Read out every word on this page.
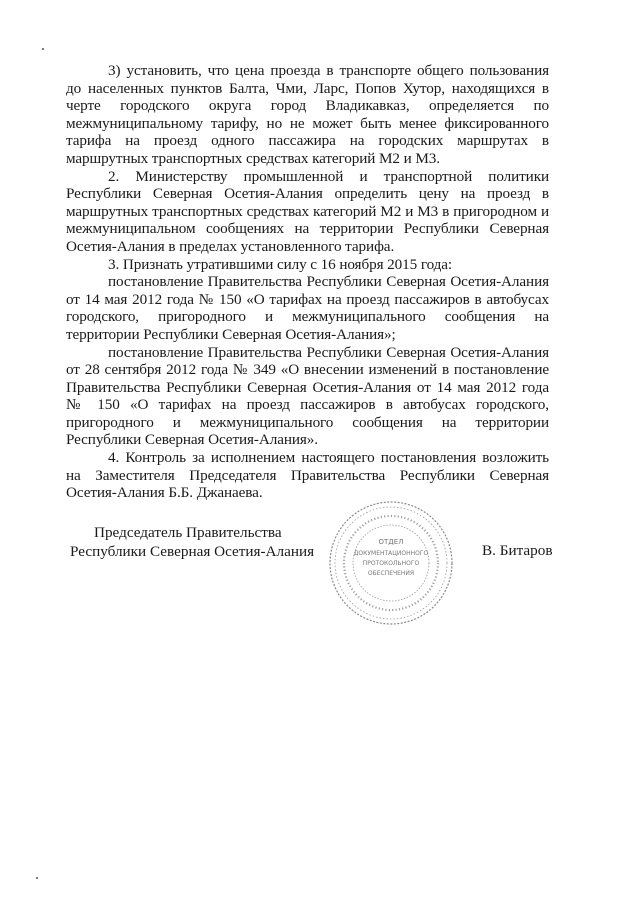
3) установить, что цена проезда в транспорте общего пользования до населенных пунктов Балта, Чми, Ларс, Попов Хутор, находящихся в черте городского округа город Владикавказ, определяется по межмуниципальному тарифу, но не может быть менее фиксированного тарифа на проезд одного пассажира на городских маршрутах в маршрутных транспортных средствах категорий М2 и М3.

2. Министерству промышленной и транспортной политики Республики Северная Осетия-Алания определить цену на проезд в маршрутных транспортных средствах категорий М2 и М3 в пригородном и межмуниципальном сообщениях на территории Республики Северная Осетия-Алания в пределах установленного тарифа.

3. Признать утратившими силу с 16 ноября 2015 года:

постановление Правительства Республики Северная Осетия-Алания от 14 мая 2012 года № 150 «О тарифах на проезд пассажиров в автобусах городского, пригородного и межмуниципального сообщения на территории Республики Северная Осетия-Алания»;

постановление Правительства Республики Северная Осетия-Алания от 28 сентября 2012 года № 349 «О внесении изменений в постановление Правительства Республики Северная Осетия-Алания от 14 мая 2012 года № 150 «О тарифах на проезд пассажиров в автобусах городского, пригородного и межмуниципального сообщения на территории Республики Северная Осетия-Алания».

4. Контроль за исполнением настоящего постановления возложить на Заместителя Председателя Правительства Республики Северная Осетия-Алания Б.Б. Джанаева.

Председатель Правительства
Республики Северная Осетия-Алания
ОТДЕЛ
ДОКУМЕНТАЦИОННОГО
ПРОТОКОЛЬНОГО
ОБЕСПЕЧЕНИЯ
В. Битаров
